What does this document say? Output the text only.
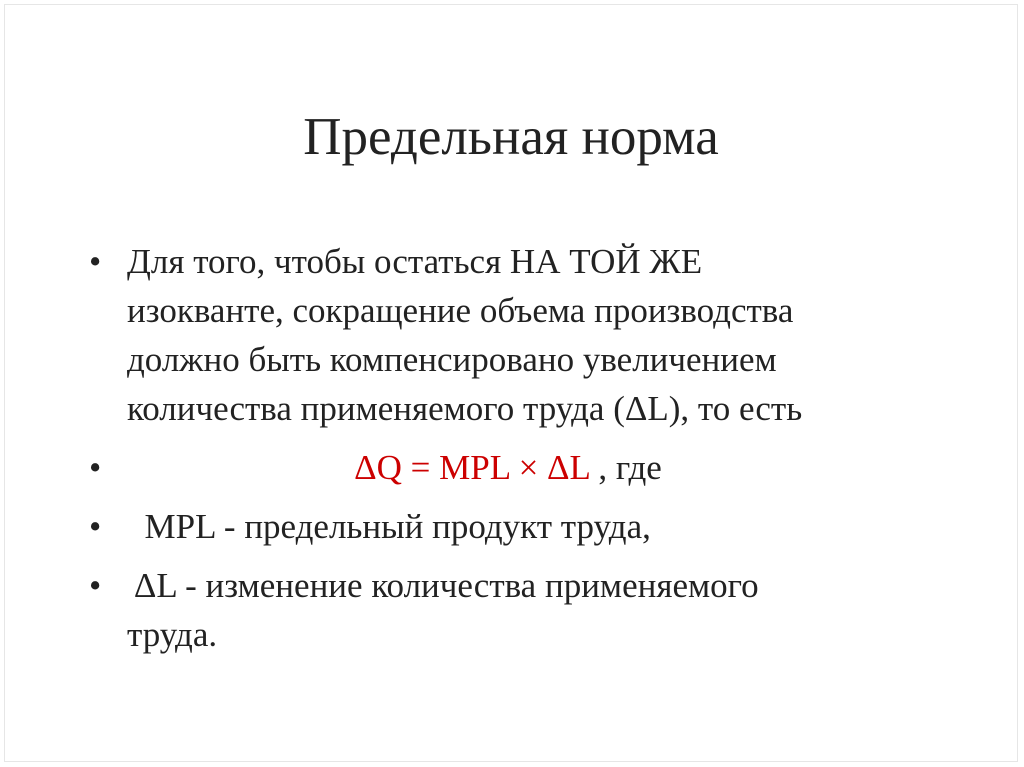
Предельная норма
• Для того, чтобы остаться НА ТОЙ ЖЕ
изокванте, сокращение объема производства
должно быть компенсировано увеличением
количества применяемого труда (ΔL), то есть
•	ΔQ = MPL × ΔL , где
• MPL - предельный продукт труда,
• ΔL - изменение количества применяемого
труда.
